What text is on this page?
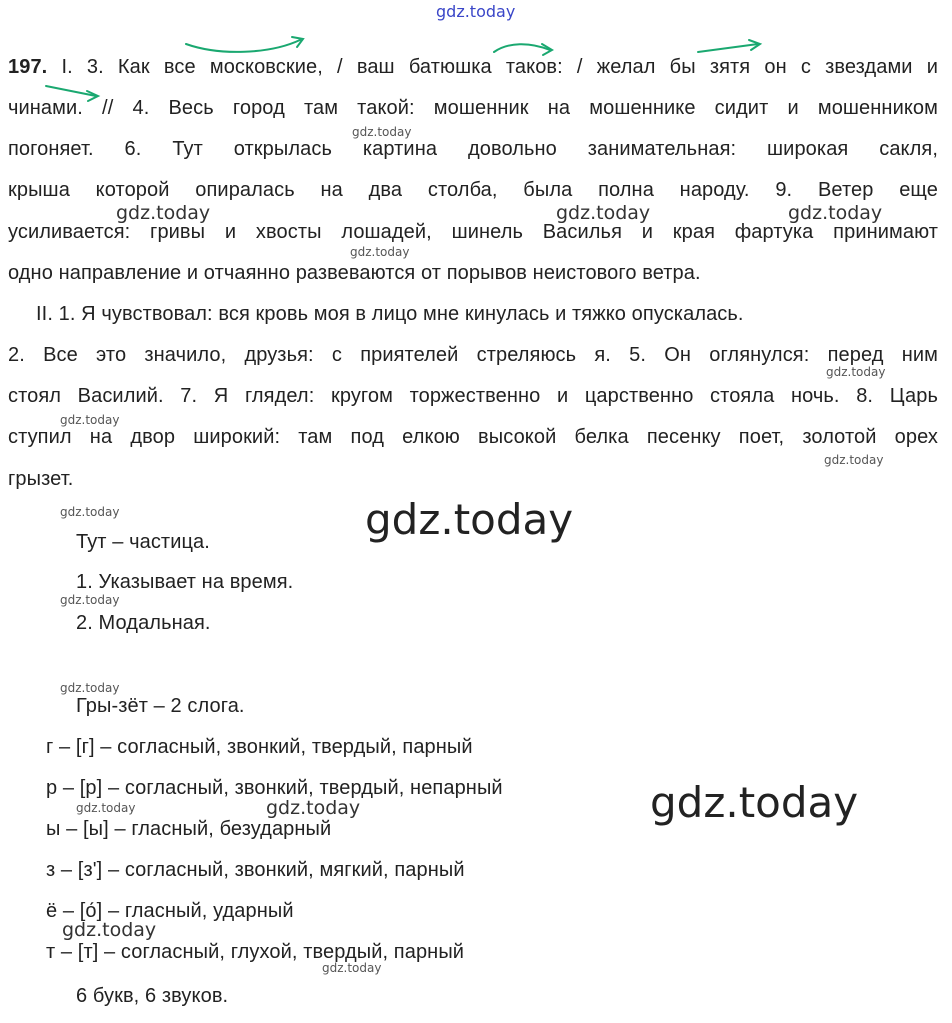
gdz.today
197. I. 3. Как все московские, / ваш батюшка таков: / желал бы зятя он с звездами и
чинами. // 4. Весь город там такой: мошенник на мошеннике сидит и мошенником
погоняет. 6. Тут открылась картина довольно занимательная: широкая сакля,
крыша которой опиралась на два столба, была полна народу. 9. Ветер еще
усиливается: гривы и хвосты лошадей, шинель Василья и края фартука принимают
одно направление и отчаянно развеваются от порывов неистового ветра.
II. 1. Я чувствовал: вся кровь моя в лицо мне кинулась и тяжко опускалась.
2. Все это значило, друзья: с приятелей стреляюсь я. 5. Он оглянулся: перед ним
стоял Василий. 7. Я глядел: кругом торжественно и царственно стояла ночь. 8. Царь
ступил на двор широкий: там под елкою высокой белка песенку поет, золотой орех
грызет.
Тут – частица.
1. Указывает на время.
2. Модальная.
Гры-зёт – 2 слога.
г – [г] – согласный, звонкий, твердый, парный
р – [р] – согласный, звонкий, твердый, непарный
ы – [ы] – гласный, безударный
з – [з'] – согласный, звонкий, мягкий, парный
ё – [о́] – гласный, ударный
т – [т] – согласный, глухой, твердый, парный
6 букв, 6 звуков.
gdz.today
gdz.today	gdz.today	gdz.today
gdz.today
gdz.today
gdz.today
gdz.today
gdz.today	gdz.today
gdz.today
gdz.today
gdz.today
gdz.today	gdz.today
gdz.today
gdz.today
